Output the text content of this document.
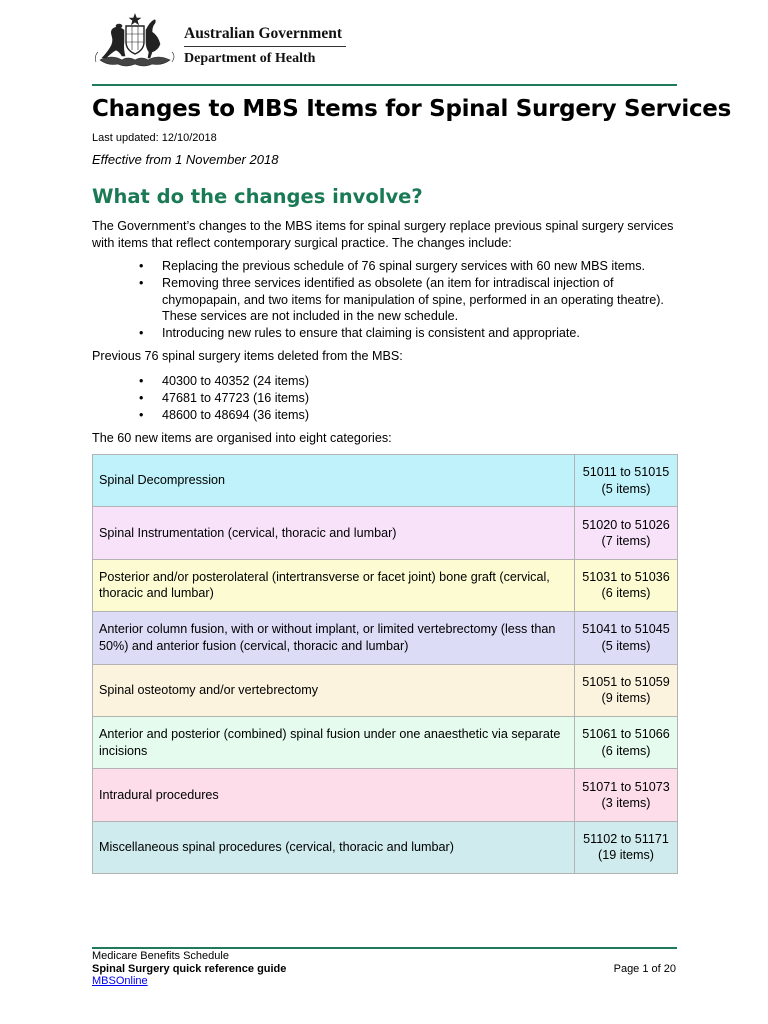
Australian Government
Department of Health
Changes to MBS Items for Spinal Surgery Services
Last updated: 12/10/2018
Effective from 1 November 2018
What do the changes involve?
The Government’s changes to the MBS items for spinal surgery replace previous spinal surgery services with items that reflect contemporary surgical practice. The changes include:
• Replacing the previous schedule of 76 spinal surgery services with 60 new MBS items.
• Removing three services identified as obsolete (an item for intradiscal injection of chymopapain, and two items for manipulation of spine, performed in an operating theatre). These services are not included in the new schedule.
• Introducing new rules to ensure that claiming is consistent and appropriate.
Previous 76 spinal surgery items deleted from the MBS:
• 40300 to 40352 (24 items)
• 47681 to 47723 (16 items)
• 48600 to 48694 (36 items)
The 60 new items are organised into eight categories:
Spinal Decompression	51011 to 51015
(5 items)
Spinal Instrumentation (cervical, thoracic and lumbar)	51020 to 51026
(7 items)
Posterior and/or posterolateral (intertransverse or facet joint) bone graft (cervical, thoracic and lumbar)	51031 to 51036
(6 items)
Anterior column fusion, with or without implant, or limited vertebrectomy (less than 50%) and anterior fusion (cervical, thoracic and lumbar)	51041 to 51045
(5 items)
Spinal osteotomy and/or vertebrectomy	51051 to 51059
(9 items)
Anterior and posterior (combined) spinal fusion under one anaesthetic via separate incisions	51061 to 51066
(6 items)
Intradural procedures	51071 to 51073
(3 items)
Miscellaneous spinal procedures (cervical, thoracic and lumbar)	51102 to 51171
(19 items)
Medicare Benefits Schedule
Spinal Surgery quick reference guide
MBSOnline
Page 1 of 20
